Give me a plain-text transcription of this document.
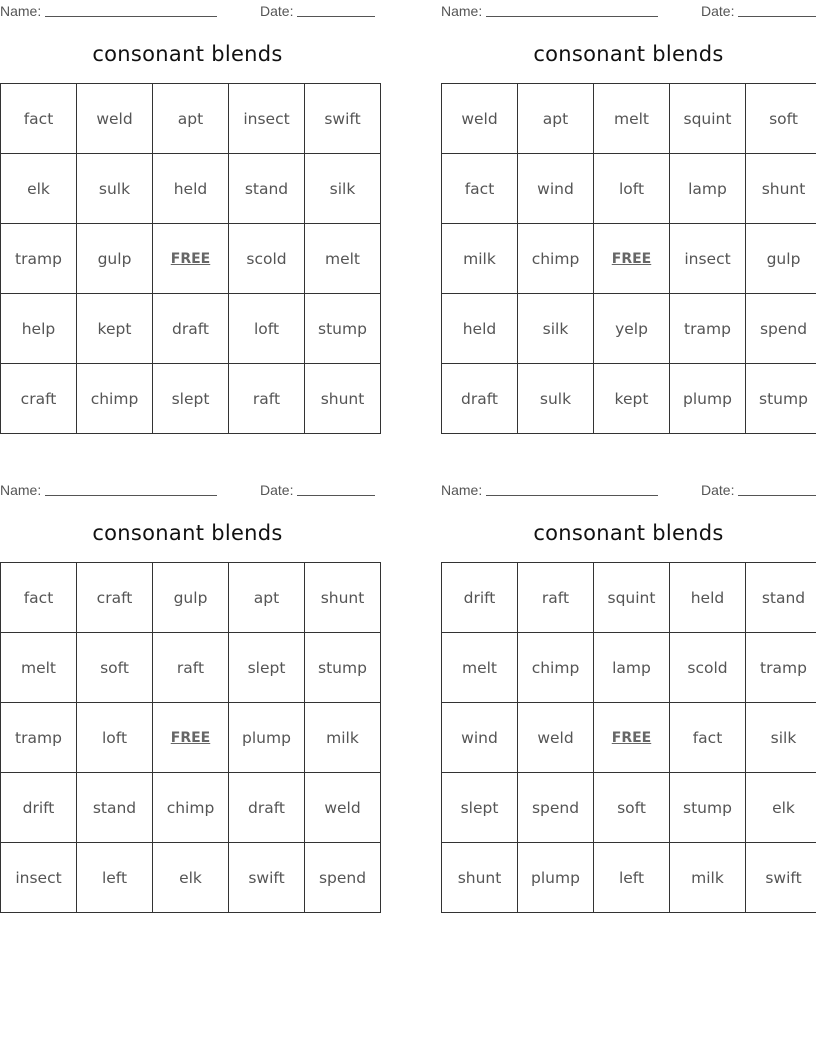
Name:	Date:
consonant blends
fact	weld	apt	insect	swift
elk	sulk	held	stand	silk
tramp	gulp	FREE	scold	melt
help	kept	draft	loft	stump
craft	chimp	slept	raft	shunt
Name:	Date:
consonant blends
weld	apt	melt	squint	soft
fact	wind	loft	lamp	shunt
milk	chimp	FREE	insect	gulp
held	silk	yelp	tramp	spend
draft	sulk	kept	plump	stump
Name:	Date:
consonant blends
fact	craft	gulp	apt	shunt
melt	soft	raft	slept	stump
tramp	loft	FREE	plump	milk
drift	stand	chimp	draft	weld
insect	left	elk	swift	spend
Name:	Date:
consonant blends
drift	raft	squint	held	stand
melt	chimp	lamp	scold	tramp
wind	weld	FREE	fact	silk
slept	spend	soft	stump	elk
shunt	plump	left	milk	swift
